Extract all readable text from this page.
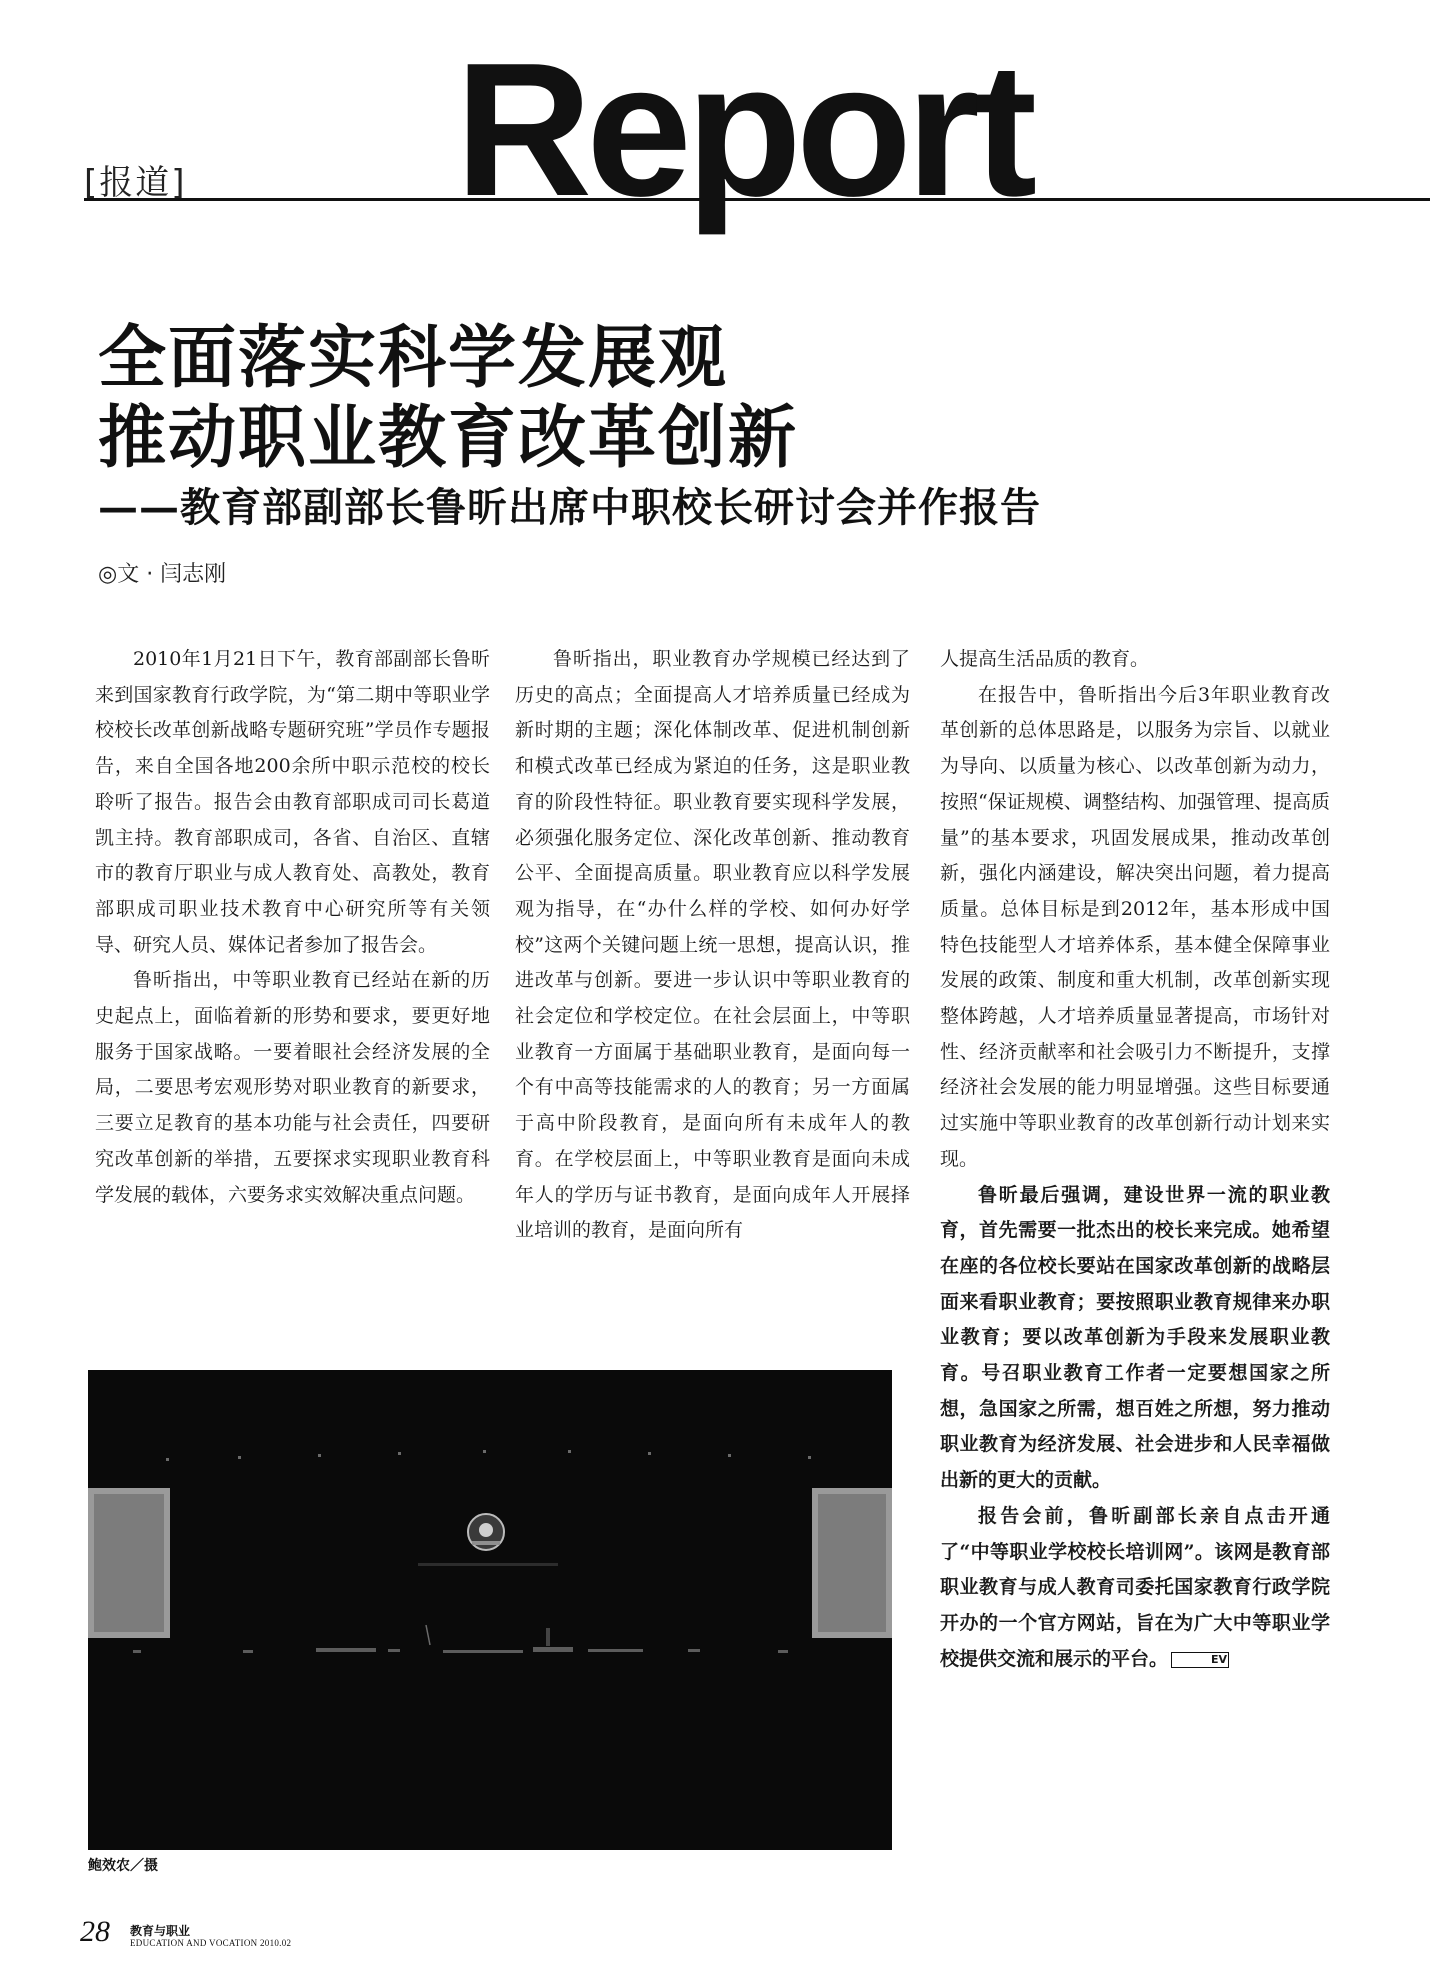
Report
[报道]
全面落实科学发展观
推动职业教育改革创新
——教育部副部长鲁昕出席中职校长研讨会并作报告
◎文 · 闫志刚

2010年1月21日下午，教育部副部长鲁昕来到国家教育行政学院，为“第二期中等职业学校校长改革创新战略专题研究班”学员作专题报告，来自全国各地200余所中职示范校的校长聆听了报告。报告会由教育部职成司司长葛道凯主持。教育部职成司，各省、自治区、直辖市的教育厅职业与成人教育处、高教处，教育部职成司职业技术教育中心研究所等有关领导、研究人员、媒体记者参加了报告会。

鲁昕指出，中等职业教育已经站在新的历史起点上，面临着新的形势和要求，要更好地服务于国家战略。一要着眼社会经济发展的全局，二要思考宏观形势对职业教育的新要求，三要立足教育的基本功能与社会责任，四要研究改革创新的举措，五要探求实现职业教育科学发展的载体，六要务求实效解决重点问题。

鲁昕指出，职业教育办学规模已经达到了历史的高点；全面提高人才培养质量已经成为新时期的主题；深化体制改革、促进机制创新和模式改革已经成为紧迫的任务，这是职业教育的阶段性特征。职业教育要实现科学发展，必须强化服务定位、深化改革创新、推动教育公平、全面提高质量。职业教育应以科学发展观为指导，在“办什么样的学校、如何办好学校”这两个关键问题上统一思想，提高认识，推进改革与创新。要进一步认识中等职业教育的社会定位和学校定位。在社会层面上，中等职业教育一方面属于基础职业教育，是面向每一个有中高等技能需求的人的教育；另一方面属于高中阶段教育，是面向所有未成年人的教育。在学校层面上，中等职业教育是面向未成年人的学历与证书教育，是面向成年人开展择业培训的教育，是面向所有

人提高生活品质的教育。

在报告中，鲁昕指出今后3年职业教育改革创新的总体思路是，以服务为宗旨、以就业为导向、以质量为核心、以改革创新为动力，按照“保证规模、调整结构、加强管理、提高质量”的基本要求，巩固发展成果，推动改革创新，强化内涵建设，解决突出问题，着力提高质量。总体目标是到2012年，基本形成中国特色技能型人才培养体系，基本健全保障事业发展的政策、制度和重大机制，改革创新实现整体跨越，人才培养质量显著提高，市场针对性、经济贡献率和社会吸引力不断提升，支撑经济社会发展的能力明显增强。这些目标要通过实施中等职业教育的改革创新行动计划来实现。

鲁昕最后强调，建设世界一流的职业教育，首先需要一批杰出的校长来完成。她希望在座的各位校长要站在国家改革创新的战略层面来看职业教育；要按照职业教育规律来办职业教育；要以改革创新为手段来发展职业教育。号召职业教育工作者一定要想国家之所想，急国家之所需，想百姓之所想，努力推动职业教育为经济发展、社会进步和人民幸福做出新的更大的贡献。

报告会前，鲁昕副部长亲自点击开通了“中等职业学校校长培训网”。该网是教育部职业教育与成人教育司委托国家教育行政学院开办的一个官方网站，旨在为广大中等职业学校提供交流和展示的平台。	EV

鲍效农／摄
28 教育与职业
EDUCATION AND VOCATION 2010.02
